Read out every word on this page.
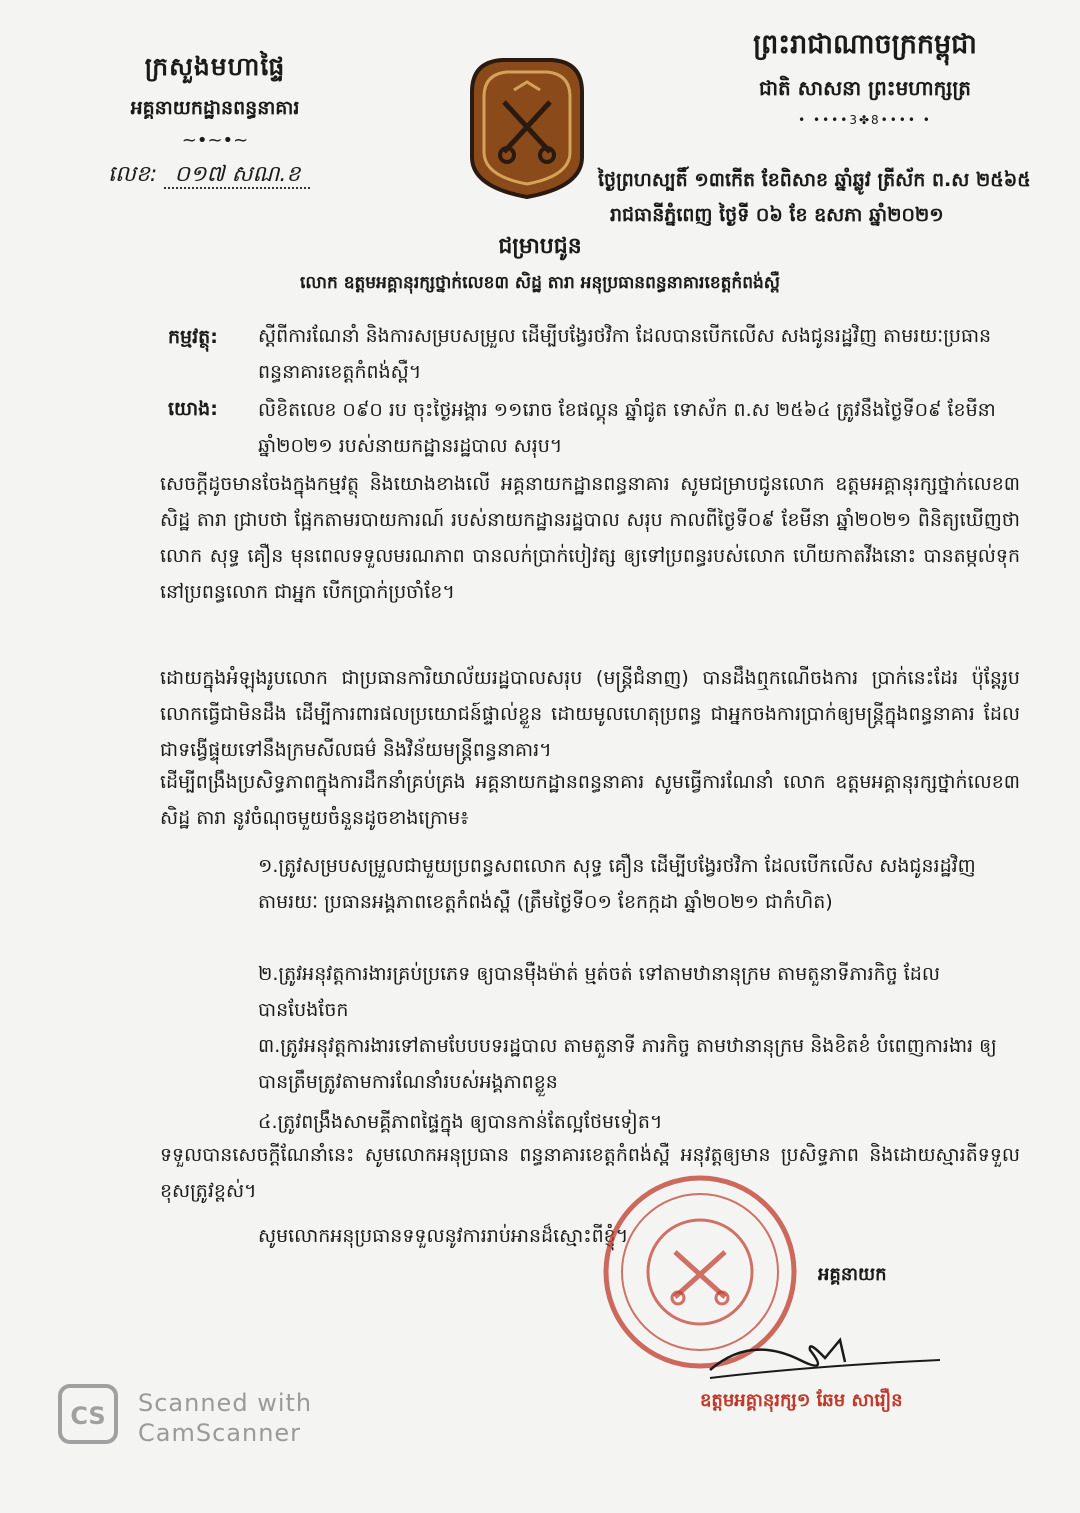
ក្រសួងមហាផ្ទៃ
អគ្គនាយកដ្ឋានពន្ធនាគារ
~•~•~
លេខ: ០១៧ សណ.ខ
ព្រះរាជាណាចក្រកម្ពុជា
ជាតិ សាសនា ព្រះមហាក្សត្រ
• ••••3✤8•••• •
ថ្ងៃព្រហស្បតិ៍ ១៣កើត ខែពិសាខ ឆ្នាំឆ្លូវ ត្រីស័ក ព.ស ២៥៦៥
រាជធានីភ្នំពេញ ថ្ងៃទី ០៦ ខែ ឧសភា ឆ្នាំ២០២១
ជម្រាបជូន
លោក ឧត្តមអគ្គានុរក្សថ្នាក់លេខ៣ សិដ្ឋ តារា អនុប្រធានពន្ធនាគារខេត្តកំពង់ស្ពឺ
កម្មវត្ថុ: ស្តីពីការណែនាំ និងការសម្របសម្រួល ដើម្បីបង្វែរថវិកា ដែលបានបើកលើស សងជូនរដ្ឋវិញ តាមរយៈប្រធានពន្ធនាគារខេត្តកំពង់ស្ពឺ។
យោង: លិខិតលេខ ០៩០ រប ចុះថ្ងៃអង្គារ ១១រោច ខែផល្គុន ឆ្នាំជូត ទោស័ក ព.ស ២៥៦៤ ត្រូវនឹងថ្ងៃទី០៩ ខែមីនា ឆ្នាំ២០២១ របស់នាយកដ្ឋានរដ្ឋបាល សរុប។
សេចក្តីដូចមានចែងក្នុងកម្មវត្ថុ និងយោងខាងលើ អគ្គនាយកដ្ឋានពន្ធនាគារ សូមជម្រាបជូនលោក ឧត្តមអគ្គានុរក្សថ្នាក់លេខ៣ សិដ្ឋ តារា ជ្រាបថា ផ្អែកតាមរបាយការណ៍ របស់នាយកដ្ឋានរដ្ឋបាល សរុប កាលពីថ្ងៃទី០៩ ខែមីនា ឆ្នាំ២០២១ ពិនិត្យឃើញថាលោក សុទ្ធ គឿន មុនពេលទទួលមរណភាព បានលក់ប្រាក់បៀវត្ស ឲ្យទៅប្រពន្ធរបស់លោក ហើយកាតវីងនោះ បានតម្កល់ទុកនៅប្រពន្ធលោក ជាអ្នក បើកប្រាក់ប្រចាំខែ។
ដោយក្នុងអំឡុងរូបលោក ជាប្រធានការិយាល័យរដ្ឋបាលសរុប (មន្ត្រីជំនាញ) បានដឹងឮកណើចងការ ប្រាក់នេះដែរ ប៉ុន្តែរូបលោកធ្វើជាមិនដឹង ដើម្បីការពារផលប្រយោជន៍ផ្ទាល់ខ្លួន ដោយមូលហេតុប្រពន្ធ ជាអ្នកចងការប្រាក់ឲ្យមន្ត្រីក្នុងពន្ធនាគារ ដែលជាទង្វើផ្ទុយទៅនឹងក្រមសីលធម៌ និងវិន័យមន្ត្រីពន្ធនាគារ។
ដើម្បីពង្រឹងប្រសិទ្ធភាពក្នុងការដឹកនាំគ្រប់គ្រង អគ្គនាយកដ្ឋានពន្ធនាគារ សូមធ្វើការណែនាំ លោក ឧត្តមអគ្គានុរក្សថ្នាក់លេខ៣ សិដ្ឋ តារា នូវចំណុចមួយចំនួនដូចខាងក្រោម៖
១.ត្រូវសម្របសម្រួលជាមួយប្រពន្ធសពលោក សុទ្ធ គឿន ដើម្បីបង្វែរថវិកា ដែលបើកលើស សងជូនរដ្ឋវិញតាមរយៈ ប្រធានអង្គភាពខេត្តកំពង់ស្ពឺ (ត្រឹមថ្ងៃទី០១ ខែកក្កដា ឆ្នាំ២០២១ ជាកំហិត)
២.ត្រូវអនុវត្តការងារគ្រប់ប្រភេទ ឲ្យបានម៉ឺងម៉ាត់ ម្មត់ចត់ ទៅតាមឋានានុក្រម តាមតួនាទីភារកិច្ច ដែលបានបែងចែក
៣.ត្រូវអនុវត្តការងារទៅតាមបែបបទរដ្ឋបាល តាមតួនាទី ភារកិច្ច តាមឋានានុក្រម និងខិតខំ បំពេញការងារ ឲ្យបានត្រឹមត្រូវតាមការណែនាំរបស់អង្គភាពខ្លួន
៤.ត្រូវពង្រឹងសាមគ្គីភាពផ្ទៃក្នុង ឲ្យបានកាន់តែល្អថែមទៀត។
ទទួលបានសេចក្តីណែនាំនេះ សូមលោកអនុប្រធាន ពន្ធនាគារខេត្តកំពង់ស្ពឺ អនុវត្តឲ្យមាន ប្រសិទ្ធភាព និងដោយស្មារតីទទួលខុសត្រូវខ្ពស់។
សូមលោកអនុប្រធានទទួលនូវការរាប់អានដ៏ស្មោះពីខ្ញុំ។
អគ្គនាយក
ឧត្តមអគ្គានុរក្ស១ ឆែម សារឿន
CS Scanned with
CamScanner
